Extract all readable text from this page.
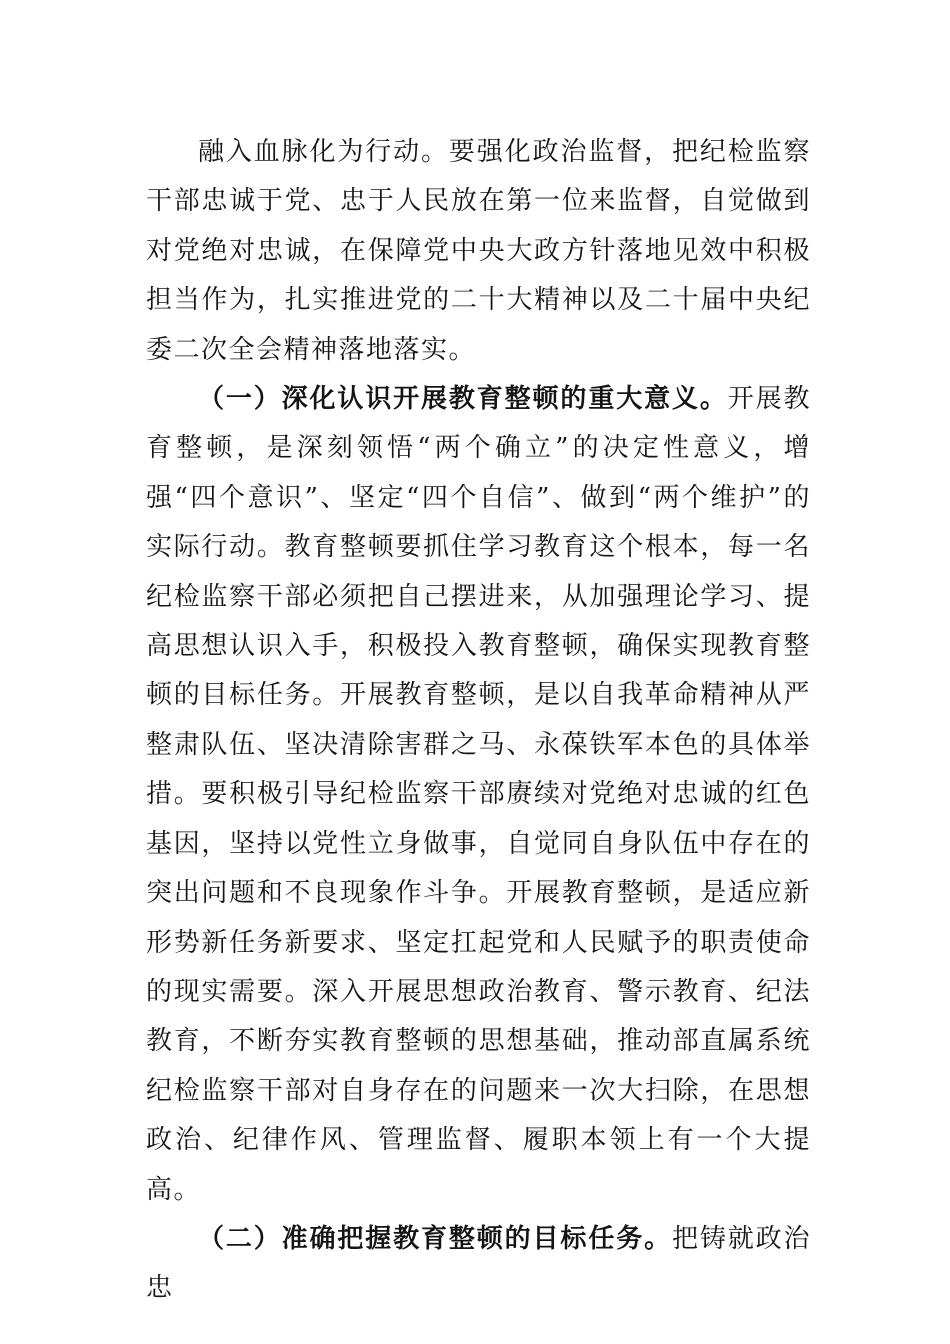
融入血脉化为行动。要强化政治监督，把纪检监察干部忠诚于党、忠于人民放在第一位来监督，自觉做到对党绝对忠诚，在保障党中央大政方针落地见效中积极担当作为，扎实推进党的二十大精神以及二十届中央纪委二次全会精神落地落实。

（一）深化认识开展教育整顿的重大意义。开展教育整顿，是深刻领悟“两个确立”的决定性意义，增强“四个意识”、坚定“四个自信”、做到“两个维护”的实际行动。教育整顿要抓住学习教育这个根本，每一名纪检监察干部必须把自己摆进来，从加强理论学习、提高思想认识入手，积极投入教育整顿，确保实现教育整顿的目标任务。开展教育整顿，是以自我革命精神从严整肃队伍、坚决清除害群之马、永葆铁军本色的具体举措。要积极引导纪检监察干部赓续对党绝对忠诚的红色基因，坚持以党性立身做事，自觉同自身队伍中存在的突出问题和不良现象作斗争。开展教育整顿，是适应新形势新任务新要求、坚定扛起党和人民赋予的职责使命的现实需要。深入开展思想政治教育、警示教育、纪法教育，不断夯实教育整顿的思想基础，推动部直属系统纪检监察干部对自身存在的问题来一次大扫除，在思想政治、纪律作风、管理监督、履职本领上有一个大提高。

（二）准确把握教育整顿的目标任务。把铸就政治忠
